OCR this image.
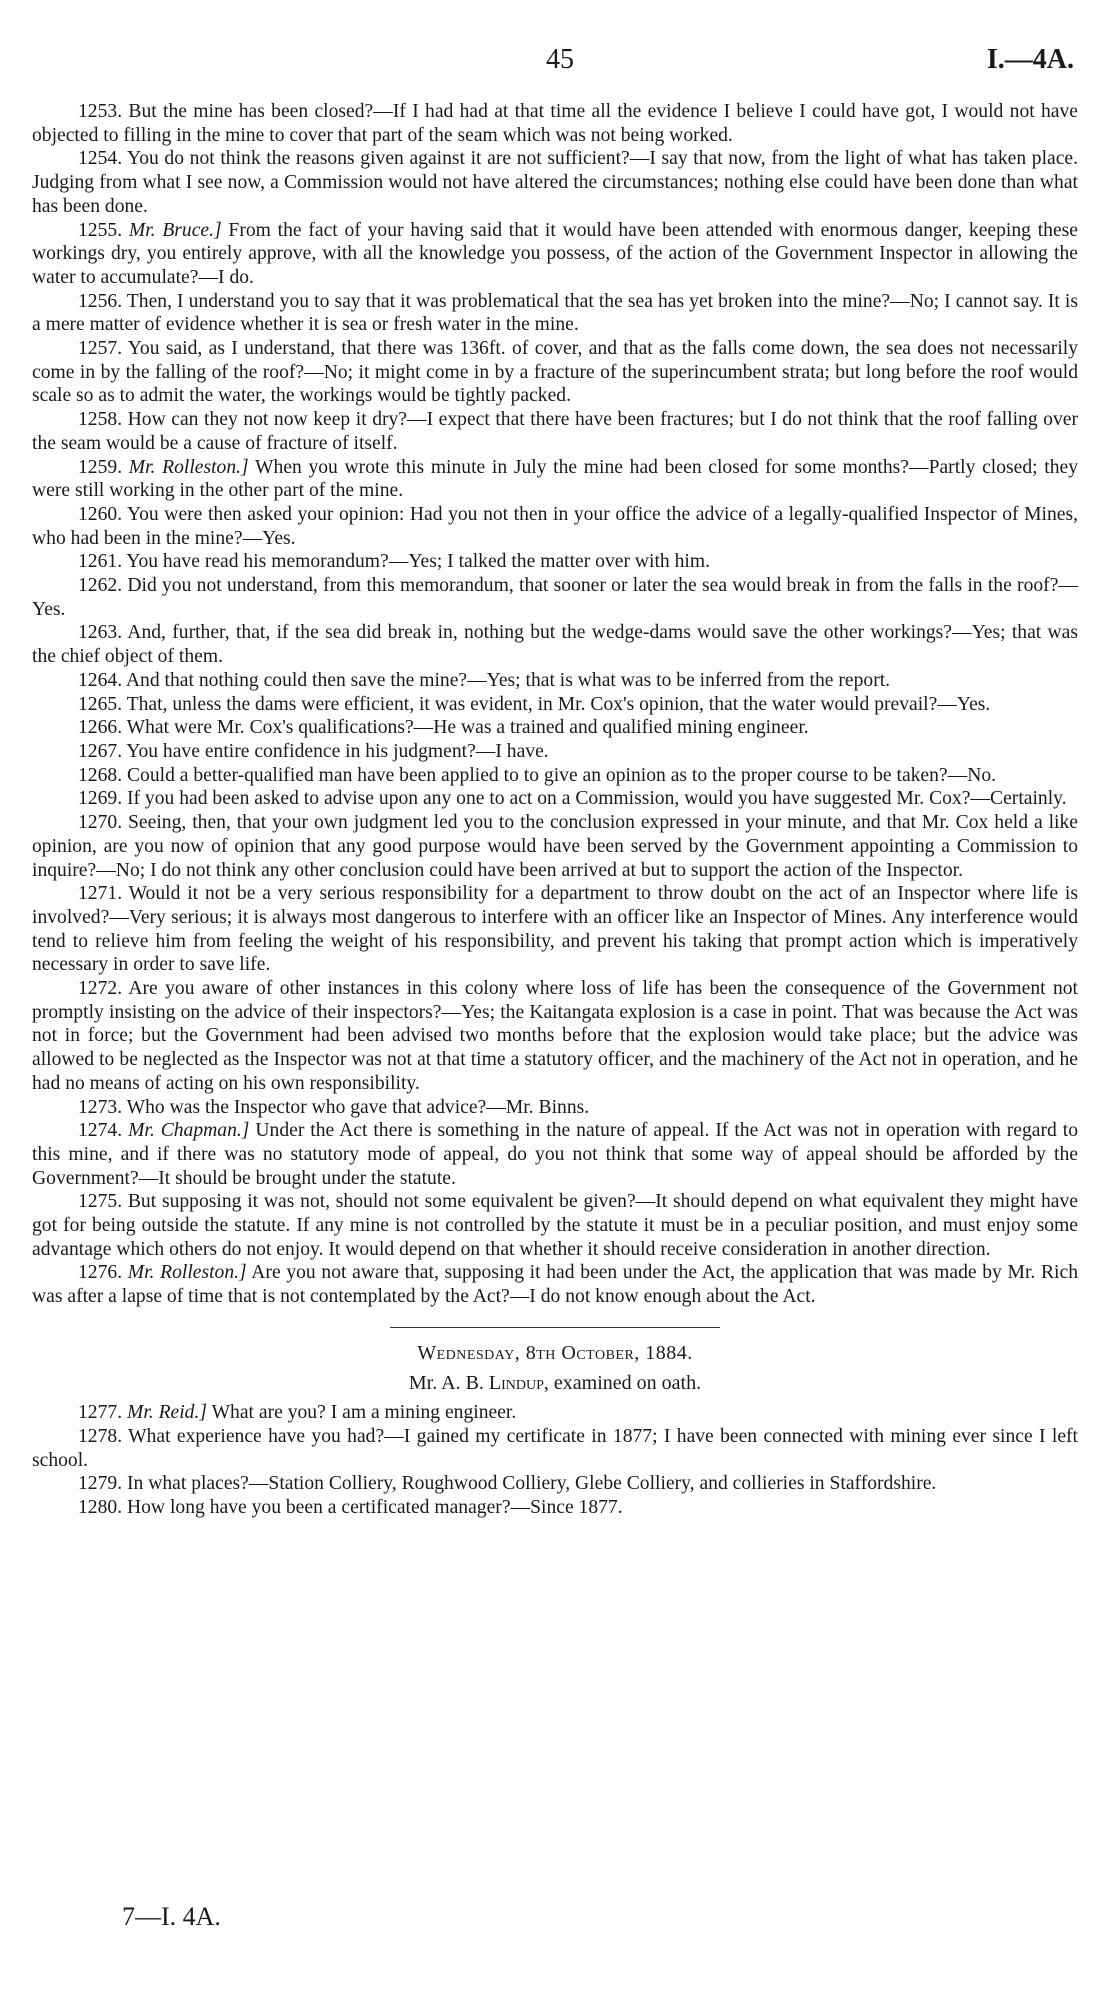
45	I.—4A.

1253. But the mine has been closed?—If I had had at that time all the evidence I believe I could have got, I would not have objected to filling in the mine to cover that part of the seam which was not being worked.

1254. You do not think the reasons given against it are not sufficient?—I say that now, from the light of what has taken place. Judging from what I see now, a Commission would not have altered the circumstances; nothing else could have been done than what has been done.

1255. Mr. Bruce.] From the fact of your having said that it would have been attended with enormous danger, keeping these workings dry, you entirely approve, with all the knowledge you possess, of the action of the Government Inspector in allowing the water to accumulate?—I do.

1256. Then, I understand you to say that it was problematical that the sea has yet broken into the mine?—No; I cannot say. It is a mere matter of evidence whether it is sea or fresh water in the mine.

1257. You said, as I understand, that there was 136ft. of cover, and that as the falls come down, the sea does not necessarily come in by the falling of the roof?—No; it might come in by a fracture of the superincumbent strata; but long before the roof would scale so as to admit the water, the workings would be tightly packed.

1258. How can they not now keep it dry?—I expect that there have been fractures; but I do not think that the roof falling over the seam would be a cause of fracture of itself.

1259. Mr. Rolleston.] When you wrote this minute in July the mine had been closed for some months?—Partly closed; they were still working in the other part of the mine.

1260. You were then asked your opinion: Had you not then in your office the advice of a legally-qualified Inspector of Mines, who had been in the mine?—Yes.

1261. You have read his memorandum?—Yes; I talked the matter over with him.

1262. Did you not understand, from this memorandum, that sooner or later the sea would break in from the falls in the roof?—Yes.

1263. And, further, that, if the sea did break in, nothing but the wedge-dams would save the other workings?—Yes; that was the chief object of them.

1264. And that nothing could then save the mine?—Yes; that is what was to be inferred from the report.

1265. That, unless the dams were efficient, it was evident, in Mr. Cox's opinion, that the water would prevail?—Yes.

1266. What were Mr. Cox's qualifications?—He was a trained and qualified mining engineer.

1267. You have entire confidence in his judgment?—I have.

1268. Could a better-qualified man have been applied to to give an opinion as to the proper course to be taken?—No.

1269. If you had been asked to advise upon any one to act on a Commission, would you have suggested Mr. Cox?—Certainly.

1270. Seeing, then, that your own judgment led you to the conclusion expressed in your minute, and that Mr. Cox held a like opinion, are you now of opinion that any good purpose would have been served by the Government appointing a Commission to inquire?—No; I do not think any other conclusion could have been arrived at but to support the action of the Inspector.

1271. Would it not be a very serious responsibility for a department to throw doubt on the act of an Inspector where life is involved?—Very serious; it is always most dangerous to interfere with an officer like an Inspector of Mines. Any interference would tend to relieve him from feeling the weight of his responsibility, and prevent his taking that prompt action which is imperatively necessary in order to save life.

1272. Are you aware of other instances in this colony where loss of life has been the consequence of the Government not promptly insisting on the advice of their inspectors?—Yes; the Kaitangata explosion is a case in point. That was because the Act was not in force; but the Government had been advised two months before that the explosion would take place; but the advice was allowed to be neglected as the Inspector was not at that time a statutory officer, and the machinery of the Act not in operation, and he had no means of acting on his own responsibility.

1273. Who was the Inspector who gave that advice?—Mr. Binns.

1274. Mr. Chapman.] Under the Act there is something in the nature of appeal. If the Act was not in operation with regard to this mine, and if there was no statutory mode of appeal, do you not think that some way of appeal should be afforded by the Government?—It should be brought under the statute.

1275. But supposing it was not, should not some equivalent be given?—It should depend on what equivalent they might have got for being outside the statute. If any mine is not controlled by the statute it must be in a peculiar position, and must enjoy some advantage which others do not enjoy. It would depend on that whether it should receive consideration in another direction.

1276. Mr. Rolleston.] Are you not aware that, supposing it had been under the Act, the application that was made by Mr. Rich was after a lapse of time that is not contemplated by the Act?—I do not know enough about the Act.

Wednesday, 8th October, 1884.

Mr. A. B. Lindup, examined on oath.

1277. Mr. Reid.] What are you? I am a mining engineer.

1278. What experience have you had?—I gained my certificate in 1877; I have been connected with mining ever since I left school.

1279. In what places?—Station Colliery, Roughwood Colliery, Glebe Colliery, and collieries in Staffordshire.

1280. How long have you been a certificated manager?—Since 1877.

7—I. 4A.
